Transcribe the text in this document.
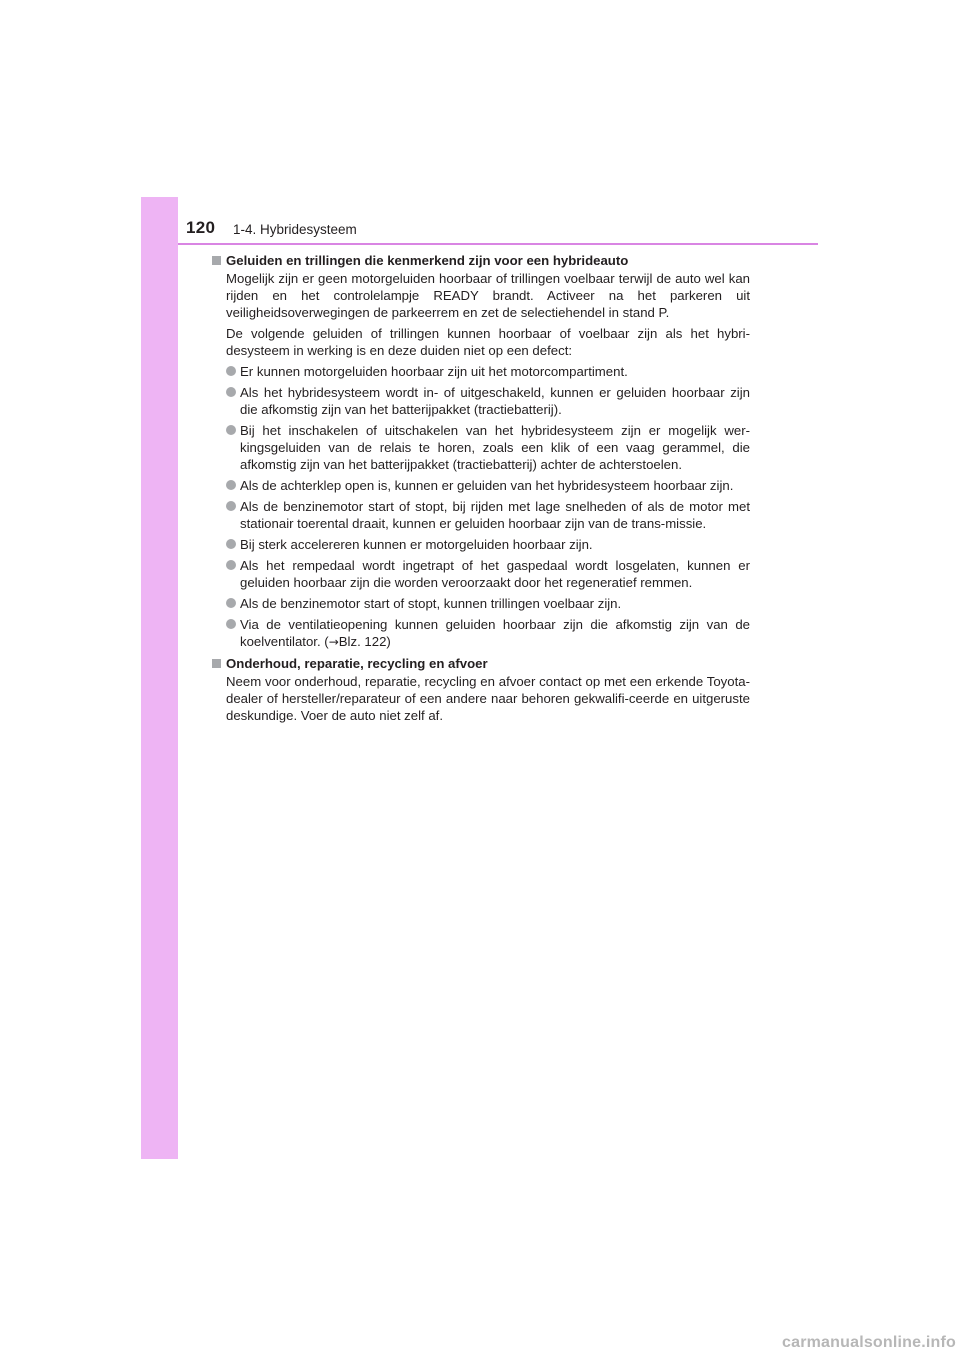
120 1-4. Hybridesysteem
Geluiden en trillingen die kenmerkend zijn voor een hybrideauto

Mogelijk zijn er geen motorgeluiden hoorbaar of trillingen voelbaar terwijl de auto wel kan rijden en het controlelampje READY brandt. Activeer na het parkeren uit veiligheidsoverwegingen de parkeerrem en zet de selectiehendel in stand P.

De volgende geluiden of trillingen kunnen hoorbaar of voelbaar zijn als het hybri-desysteem in werking is en deze duiden niet op een defect:

Er kunnen motorgeluiden hoorbaar zijn uit het motorcompartiment.
Als het hybridesysteem wordt in- of uitgeschakeld, kunnen er geluiden hoorbaar zijn die afkomstig zijn van het batterijpakket (tractiebatterij).
Bij het inschakelen of uitschakelen van het hybridesysteem zijn er mogelijk wer-kingsgeluiden van de relais te horen, zoals een klik of een vaag gerammel, die afkomstig zijn van het batterijpakket (tractiebatterij) achter de achterstoelen.
Als de achterklep open is, kunnen er geluiden van het hybridesysteem hoorbaar zijn.
Als de benzinemotor start of stopt, bij rijden met lage snelheden of als de motor met stationair toerental draait, kunnen er geluiden hoorbaar zijn van de trans-missie.
Bij sterk accelereren kunnen er motorgeluiden hoorbaar zijn.
Als het rempedaal wordt ingetrapt of het gaspedaal wordt losgelaten, kunnen er geluiden hoorbaar zijn die worden veroorzaakt door het regeneratief remmen.
Als de benzinemotor start of stopt, kunnen trillingen voelbaar zijn.
Via de ventilatieopening kunnen geluiden hoorbaar zijn die afkomstig zijn van de koelventilator. (→Blz. 122)
Onderhoud, reparatie, recycling en afvoer

Neem voor onderhoud, reparatie, recycling en afvoer contact op met een erkende Toyota-dealer of hersteller/reparateur of een andere naar behoren gekwalifi-ceerde en uitgeruste deskundige. Voer de auto niet zelf af.

carmanualsonline.info
